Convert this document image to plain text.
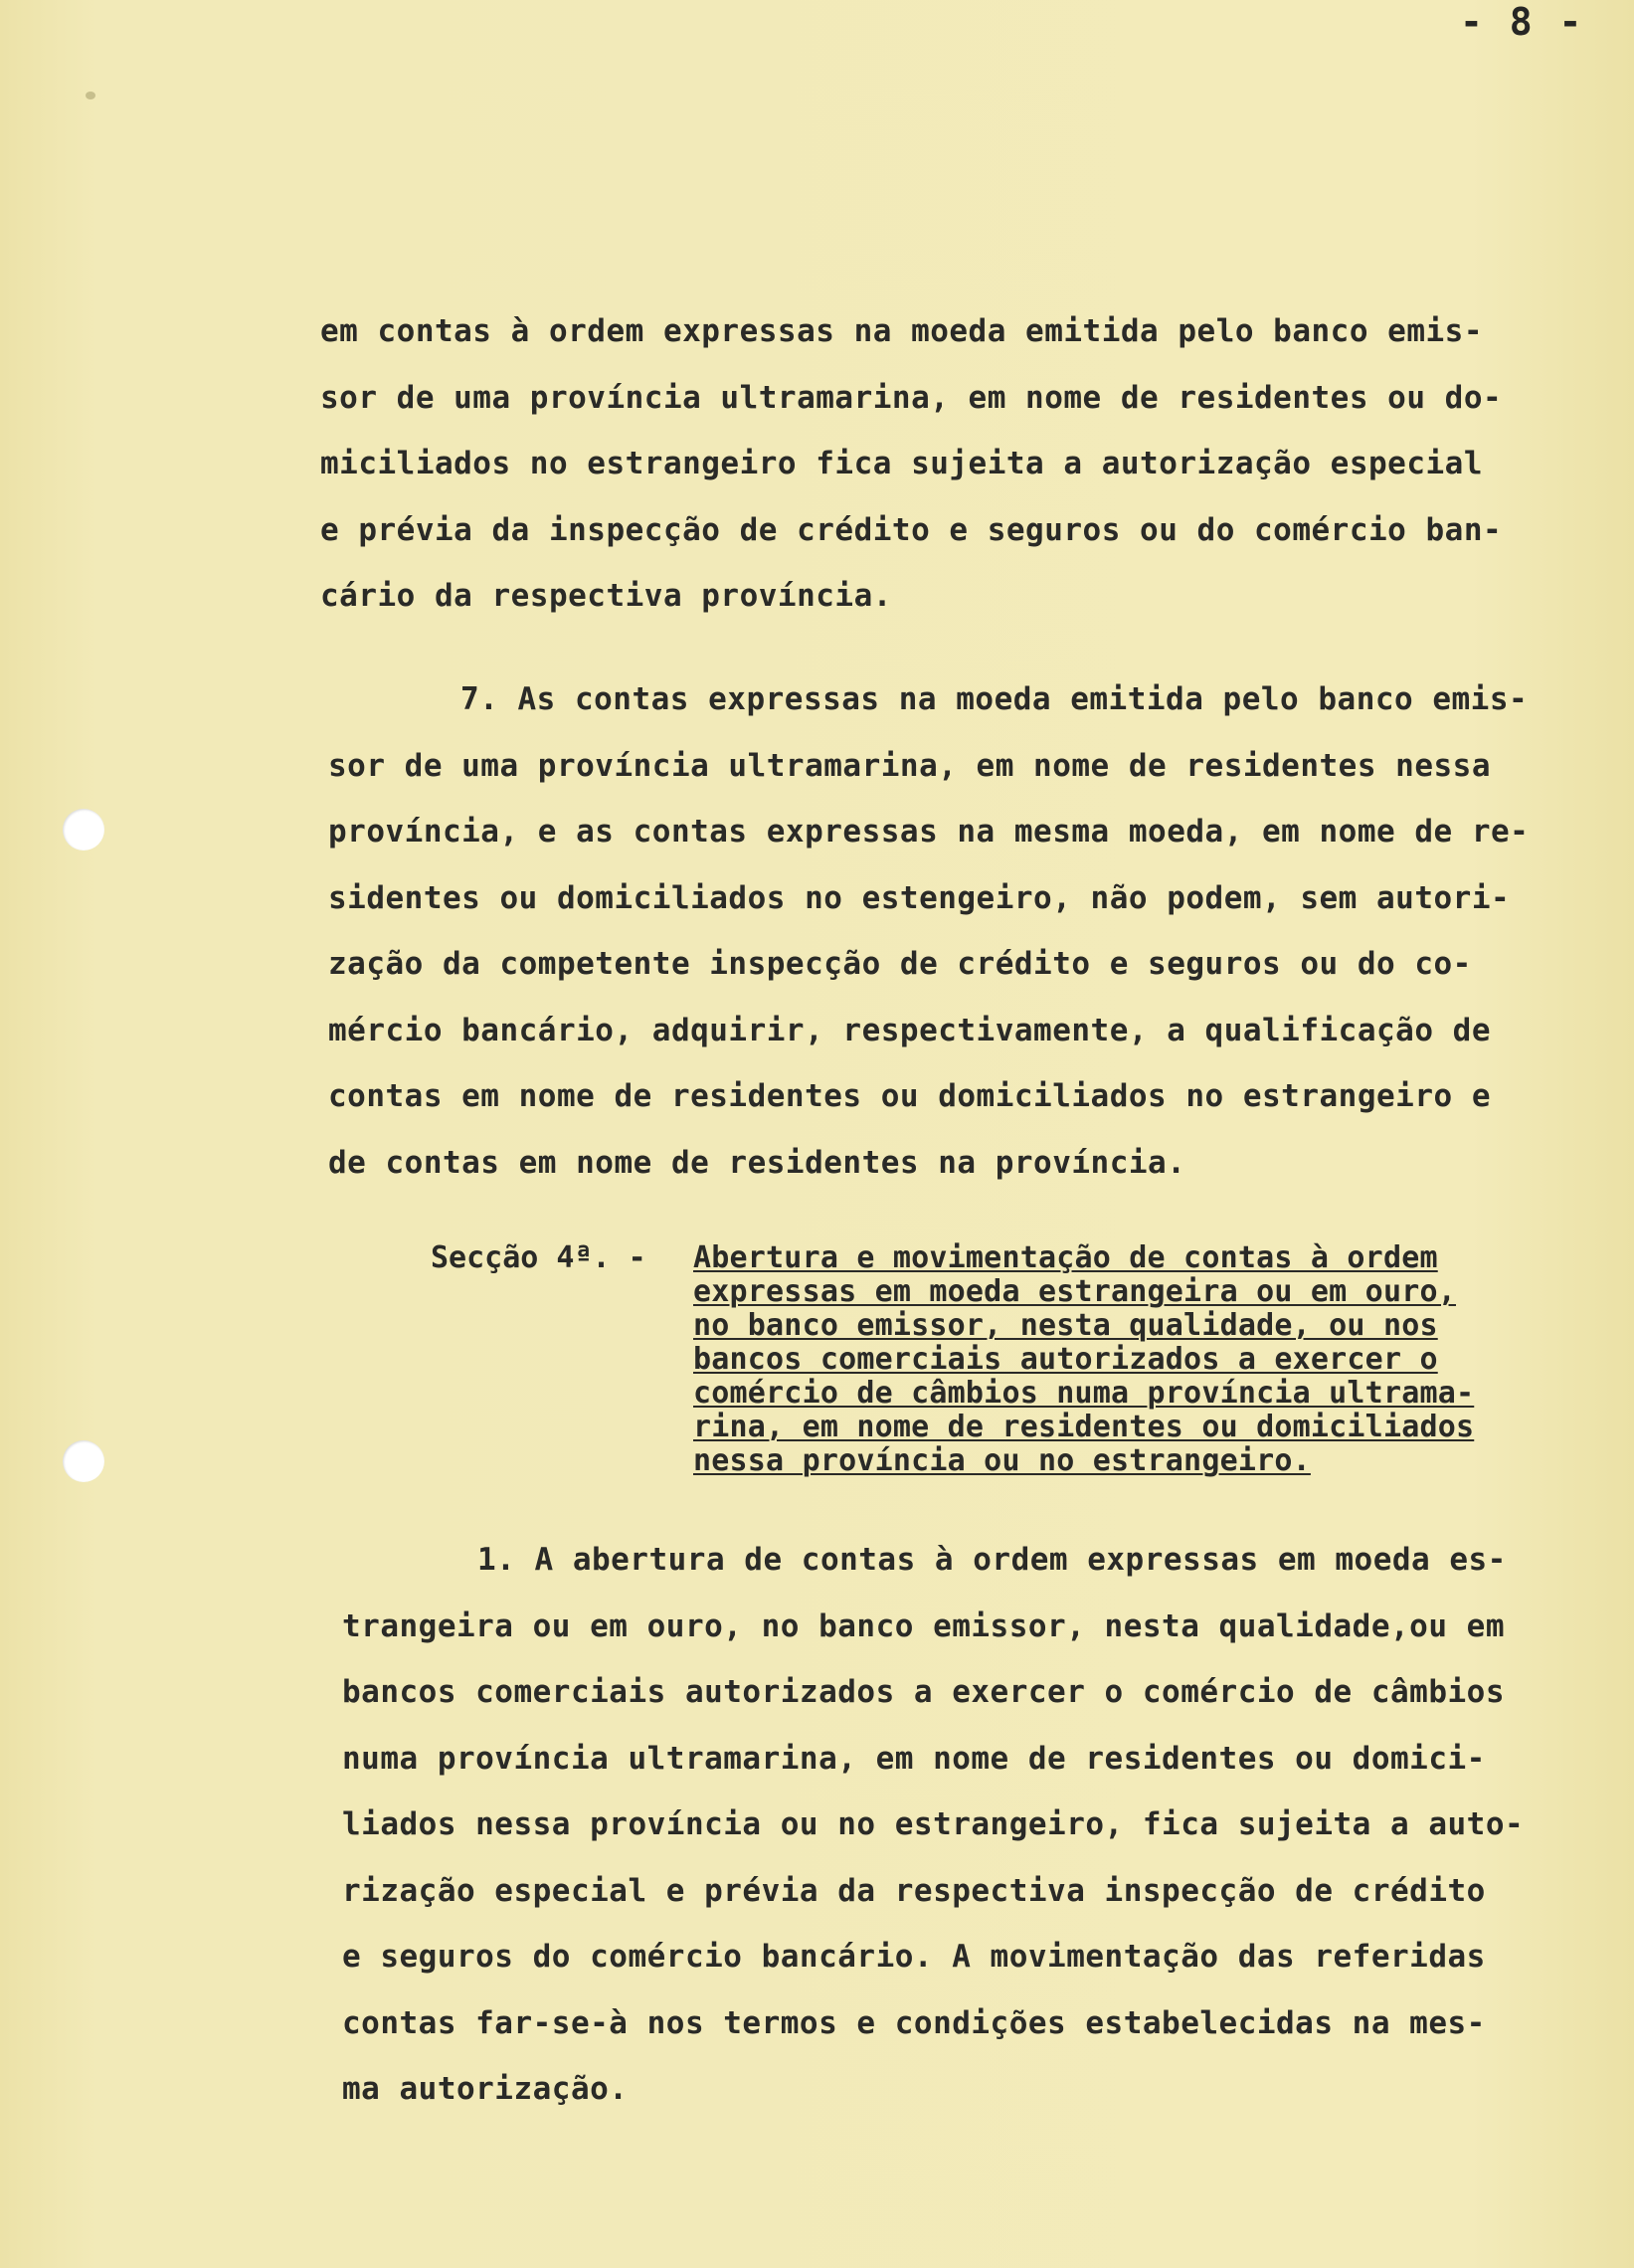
- 8 -
em contas à ordem expressas na moeda emitida pelo banco emis-
sor de uma província ultramarina, em nome de residentes ou do-
miciliados no estrangeiro fica sujeita a autorização especial
e prévia da inspecção de crédito e seguros ou do comércio ban-
cário da respectiva província.
7. As contas expressas na moeda emitida pelo banco emis-
sor de uma província ultramarina, em nome de residentes nessa
província, e as contas expressas na mesma moeda, em nome de re-
sidentes ou domiciliados no estengeiro, não podem, sem autori-
zação da competente inspecção de crédito e seguros ou do co-
mércio bancário, adquirir, respectivamente, a qualificação de
contas em nome de residentes ou domiciliados no estrangeiro e
de contas em nome de residentes na província.
Secção 4ª. - Abertura e movimentação de contas à ordem
expressas em moeda estrangeira ou em ouro,
no banco emissor, nesta qualidade, ou nos
bancos comerciais autorizados a exercer o
comércio de câmbios numa província ultrama-
rina, em nome de residentes ou domiciliados
nessa província ou no estrangeiro.
1. A abertura de contas à ordem expressas em moeda es-
trangeira ou em ouro, no banco emissor, nesta qualidade,ou em
bancos comerciais autorizados a exercer o comércio de câmbios
numa província ultramarina, em nome de residentes ou domici-
liados nessa província ou no estrangeiro, fica sujeita a auto-
rização especial e prévia da respectiva inspecção de crédito
e seguros do comércio bancário. A movimentação das referidas
contas far-se-à nos termos e condições estabelecidas na mes-
ma autorização.
